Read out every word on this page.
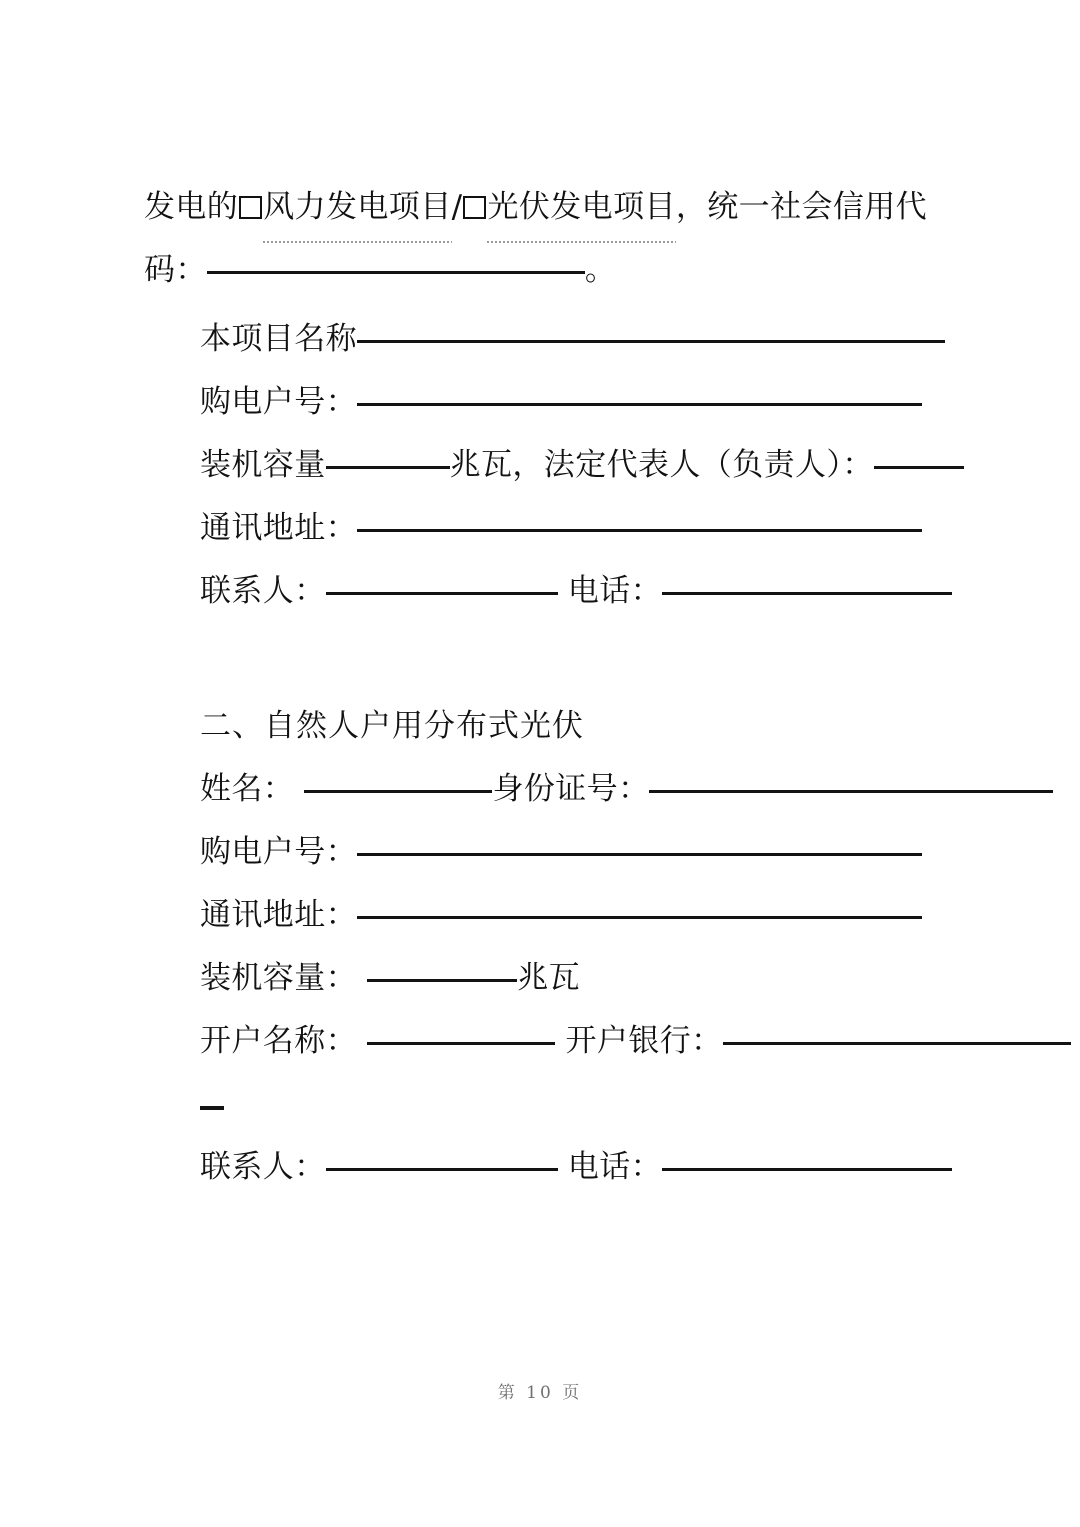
发电的 风力发电项目/ 光伏发电项目，统一社会信用代
码：	。
本项目名称
购电户号：
装机容量	兆瓦，法定代表人（负责人）：
通讯地址：
联系人：	电话：
二、自然人户用分布式光伏
姓名：	身份证号：
购电户号：
通讯地址：
装机容量：	兆瓦
开户名称：	开户银行：
联系人：	电话：
第 10 页
